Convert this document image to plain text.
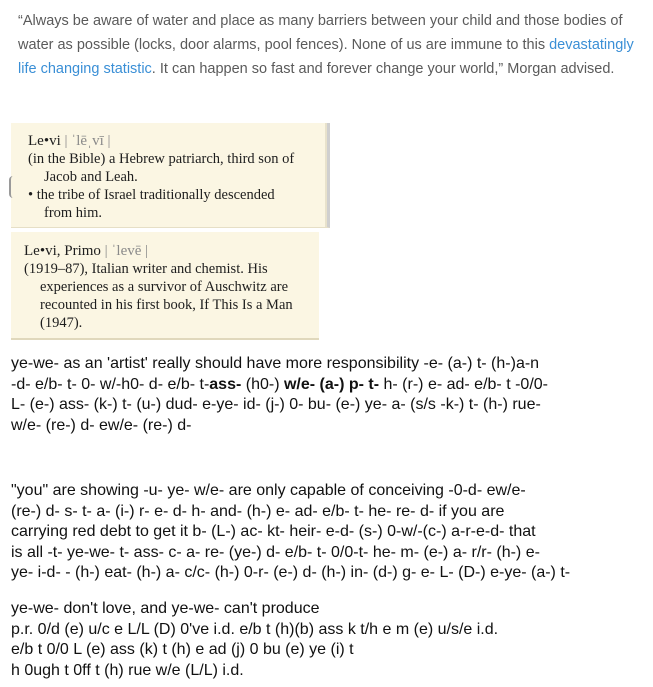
“Always be aware of water and place as many barriers between your child and those bodies of water as possible (locks, door alarms, pool fences). None of us are immune to this devastatingly life changing statistic. It can happen so fast and forever change your world,” Morgan advised.
Le•vi | ˈlēˌvī |
(in the Bible) a Hebrew patriarch, third son of
Jacob and Leah.
• the tribe of Israel traditionally descended
from him.
Le•vi, Primo | ˈlevē |
(1919–87), Italian writer and chemist. His
experiences as a survivor of Auschwitz are
recounted in his first book, If This Is a Man
(1947).
ye-we- as an 'artist' really should have more responsibility -e- (a-) t- (h-)a-n
-d- e/b- t- 0- w/-h0- d- e/b- t-ass- (h0-) w/e- (a-) p- t- h- (r-) e- ad- e/b- t -0/0-
L- (e-) ass- (k-) t- (u-) dud- e-ye- id- (j-) 0- bu- (e-) ye- a- (s/s -k-) t- (h-) rue-
w/e- (re-) d- ew/e- (re-) d-
"you" are showing -u- ye- w/e- are only capable of conceiving -0-d- ew/e-
(re-) d- s- t- a- (i-) r- e- d- h- and- (h-) e- ad- e/b- t- he- re- d- if you are
carrying red debt to get it b- (L-) ac- kt- heir- e-d- (s-) 0-w/-(c-) a-r-e-d- that
is all -t- ye-we- t- ass- c- a- re- (ye-) d- e/b- t- 0/0-t- he- m- (e-) a- r/r- (h-) e-
ye- i-d- - (h-) eat- (h-) a- c/c- (h-) 0-r- (e-) d- (h-) in- (d-) g- e- L- (D-) e-ye- (a-) t-
ye-we- don't love, and ye-we- can't produce
p.r. 0/d (e) u/c e L/L (D) 0've i.d. e/b t (h)(b) ass k t/h e m (e) u/s/e i.d.
e/b t 0/0 L (e) ass (k) t (h) e ad (j) 0 bu (e) ye (i) t
h 0ugh t 0ff t (h) rue w/e (L/L) i.d.
